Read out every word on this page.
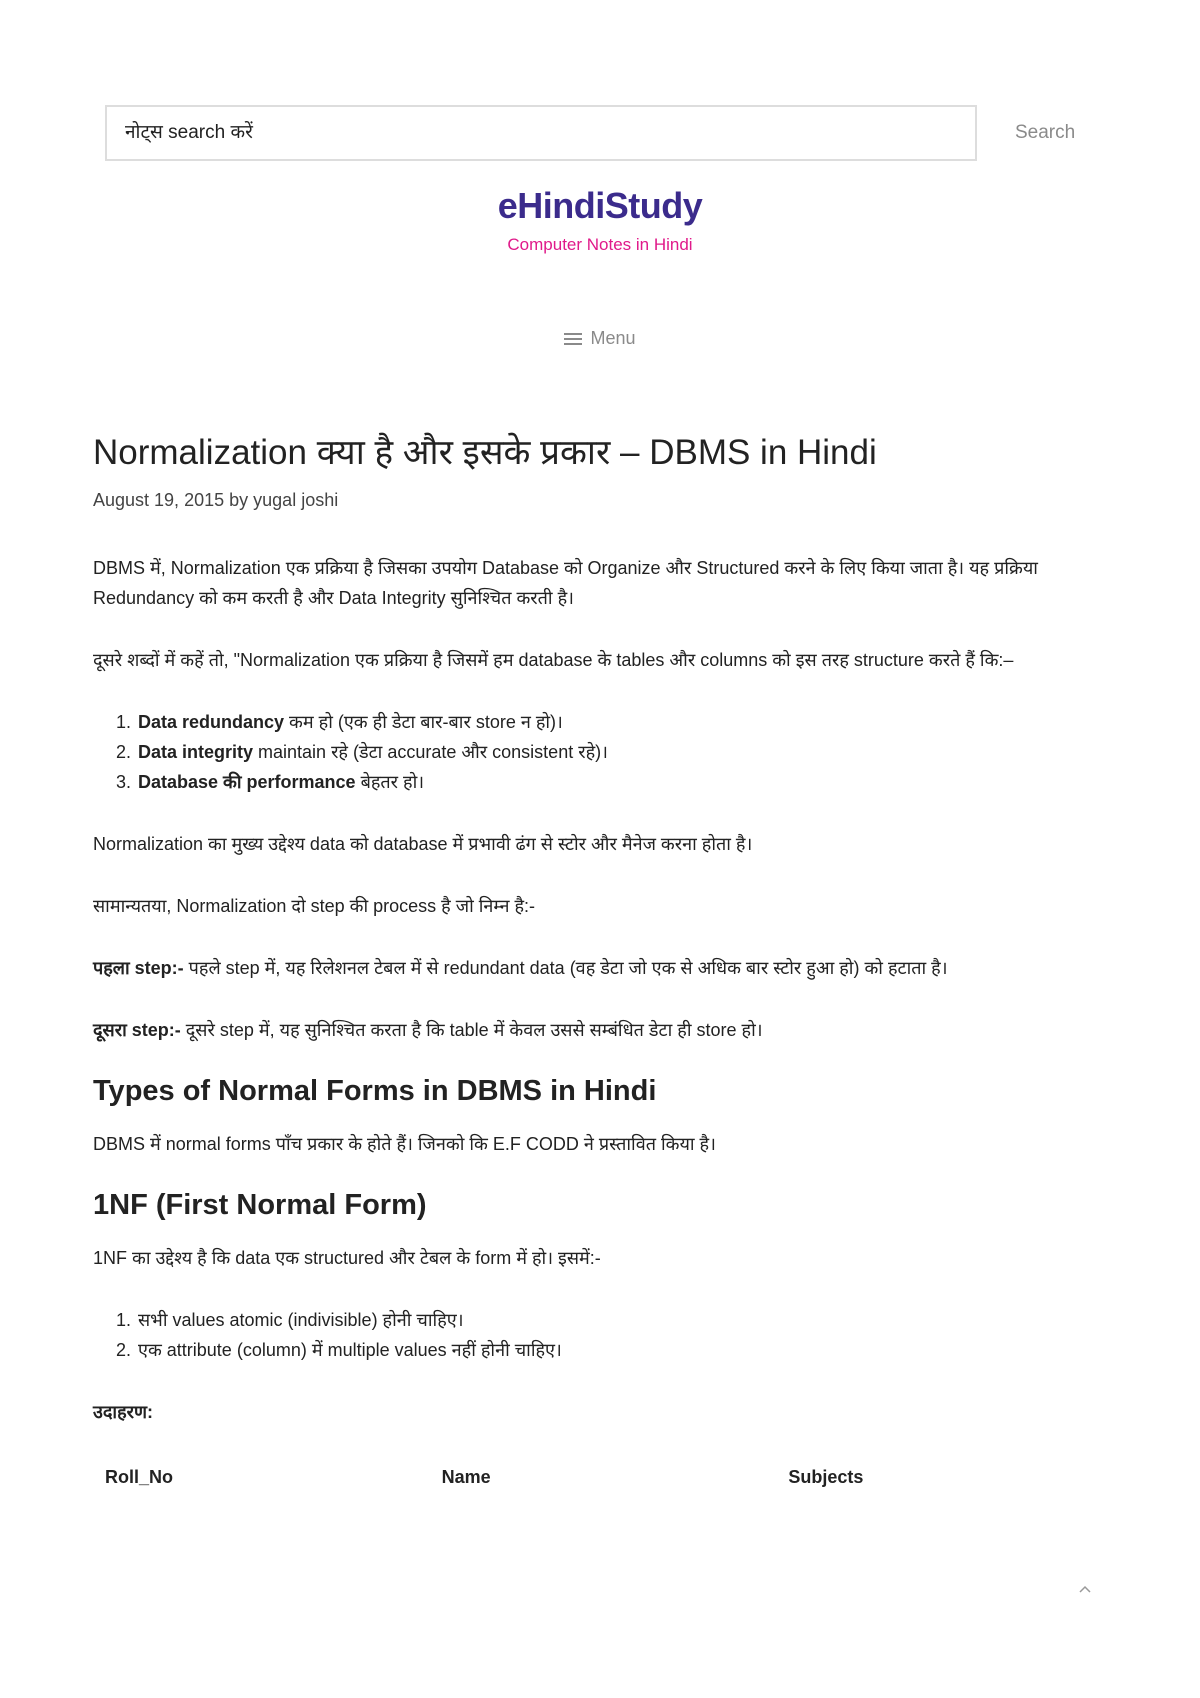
नोट्स search करें	Search
eHindiStudy
Computer Notes in Hindi
Menu
Normalization क्या है और इसके प्रकार – DBMS in Hindi
August 19, 2015 by yugal joshi

DBMS में, Normalization एक प्रक्रिया है जिसका उपयोग Database को Organize और Structured करने के लिए किया जाता है। यह प्रक्रिया Redundancy को कम करती है और Data Integrity सुनिश्चित करती है।

दूसरे शब्दों में कहें तो, "Normalization एक प्रक्रिया है जिसमें हम database के tables और columns को इस तरह structure करते हैं कि:–

1. Data redundancy कम हो (एक ही डेटा बार-बार store न हो)।
2. Data integrity maintain रहे (डेटा accurate और consistent रहे)।
3. Database की performance बेहतर हो।

Normalization का मुख्य उद्देश्य data को database में प्रभावी ढंग से स्टोर और मैनेज करना होता है।

सामान्यतया, Normalization दो step की process है जो निम्न है:-

पहला step:- पहले step में, यह रिलेशनल टेबल में से redundant data (वह डेटा जो एक से अधिक बार स्टोर हुआ हो) को हटाता है।

दूसरा step:- दूसरे step में, यह सुनिश्चित करता है कि table में केवल उससे सम्बंधित डेटा ही store हो।

Types of Normal Forms in DBMS in Hindi

DBMS में normal forms पाँच प्रकार के होते हैं। जिनको कि E.F CODD ने प्रस्तावित किया है।

1NF (First Normal Form)

1NF का उद्देश्य है कि data एक structured और टेबल के form में हो। इसमें:-

1. सभी values atomic (indivisible) होनी चाहिए।
2. एक attribute (column) में multiple values नहीं होनी चाहिए।

उदाहरण:

Roll_No	Name	Subjects
